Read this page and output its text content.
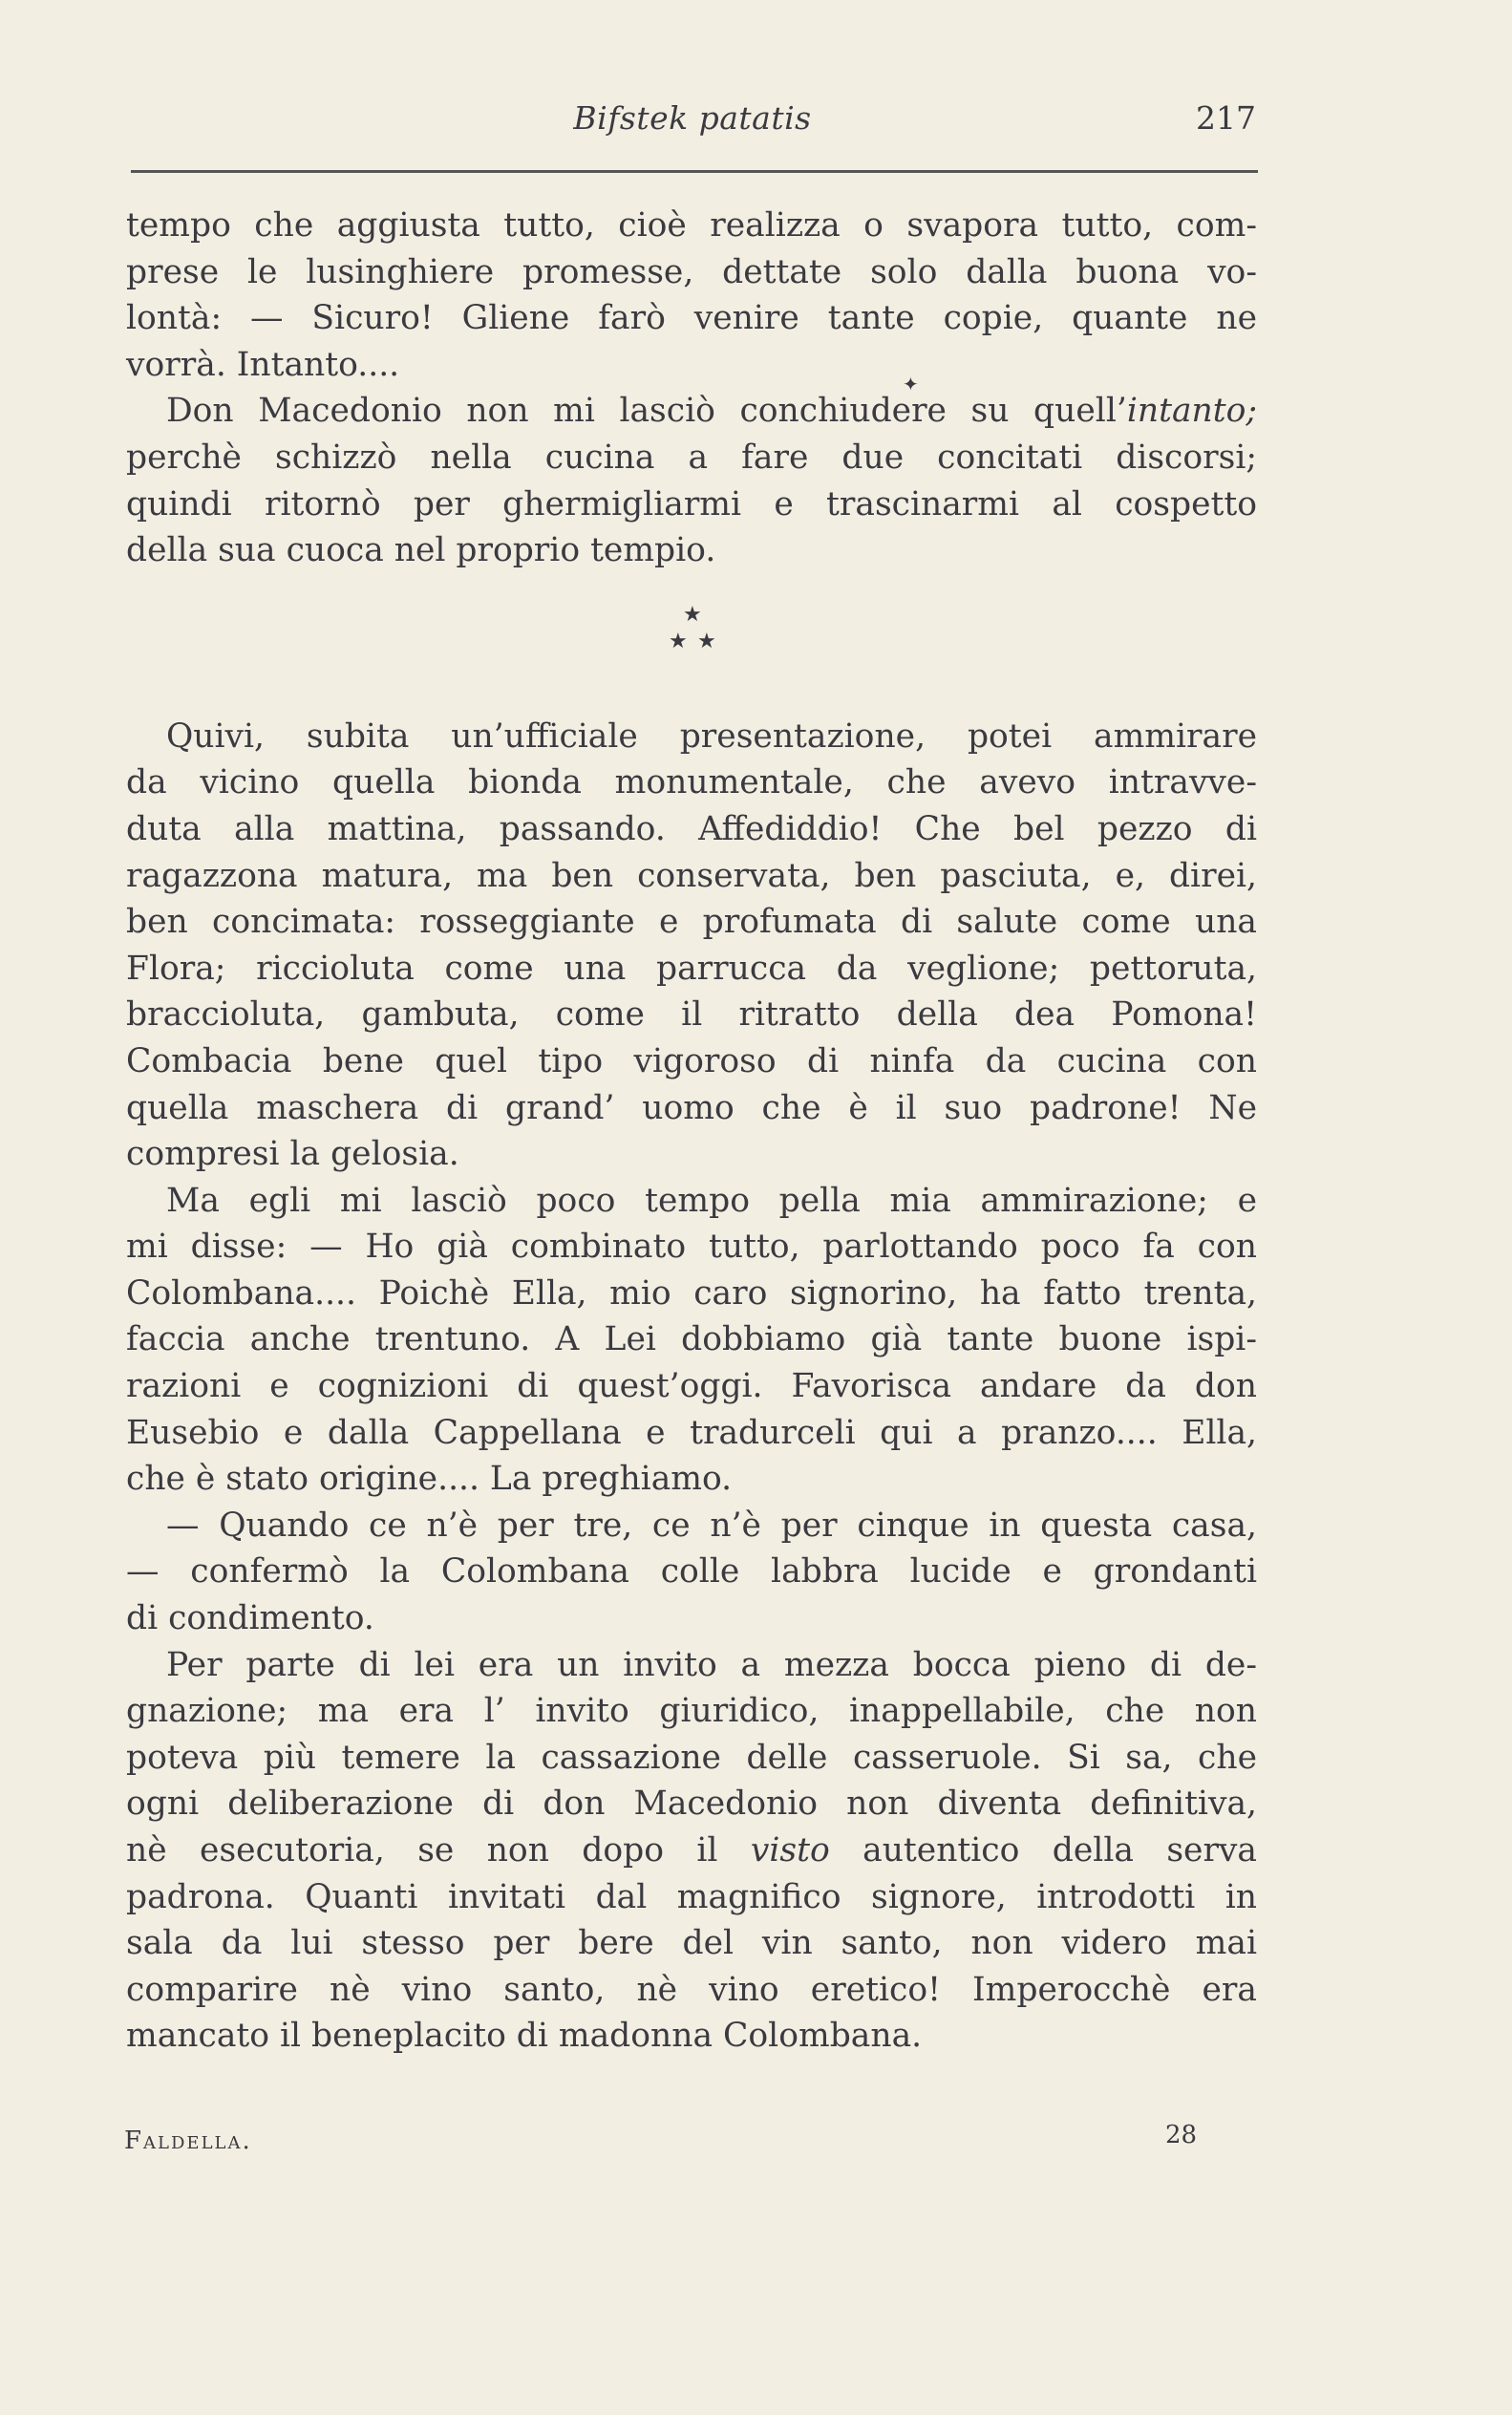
Bifstek patatis	217
✦
tempo che aggiusta tutto, cioè realizza o svapora tutto, com-
prese le lusinghiere promesse, dettate solo dalla buona vo-
lontà: — Sicuro! Gliene farò venire tante copie, quante ne
vorrà. Intanto....
Don Macedonio non mi lasciò conchiudere su quell’intanto;
perchè schizzò nella cucina a fare due concitati discorsi;
quindi ritornò per ghermigliarmi e trascinarmi al cospetto
della sua cuoca nel proprio tempio.
★
★ ★
Quivi, subita un’ufficiale presentazione, potei ammirare
da vicino quella bionda monumentale, che avevo intravve-
duta alla mattina, passando. Affediddio! Che bel pezzo di
ragazzona matura, ma ben conservata, ben pasciuta, e, direi,
ben concimata: rosseggiante e profumata di salute come una
Flora; riccioluta come una parrucca da veglione; pettoruta,
braccioluta, gambuta, come il ritratto della dea Pomona!
Combacia bene quel tipo vigoroso di ninfa da cucina con
quella maschera di grand’ uomo che è il suo padrone! Ne
compresi la gelosia.
Ma egli mi lasciò poco tempo pella mia ammirazione; e
mi disse: — Ho già combinato tutto, parlottando poco fa con
Colombana.... Poichè Ella, mio caro signorino, ha fatto trenta,
faccia anche trentuno. A Lei dobbiamo già tante buone ispi-
razioni e cognizioni di quest’oggi. Favorisca andare da don
Eusebio e dalla Cappellana e tradurceli qui a pranzo.... Ella,
che è stato origine.... La preghiamo.
— Quando ce n’è per tre, ce n’è per cinque in questa casa,
— confermò la Colombana colle labbra lucide e grondanti
di condimento.
Per parte di lei era un invito a mezza bocca pieno di de-
gnazione; ma era l’ invito giuridico, inappellabile, che non
poteva più temere la cassazione delle casseruole. Si sa, che
ogni deliberazione di don Macedonio non diventa definitiva,
nè esecutoria, se non dopo il visto autentico della serva
padrona. Quanti invitati dal magnifico signore, introdotti in
sala da lui stesso per bere del vin santo, non videro mai
comparire nè vino santo, nè vino eretico! Imperocchè era
mancato il beneplacito di madonna Colombana.
Faldella.	28
